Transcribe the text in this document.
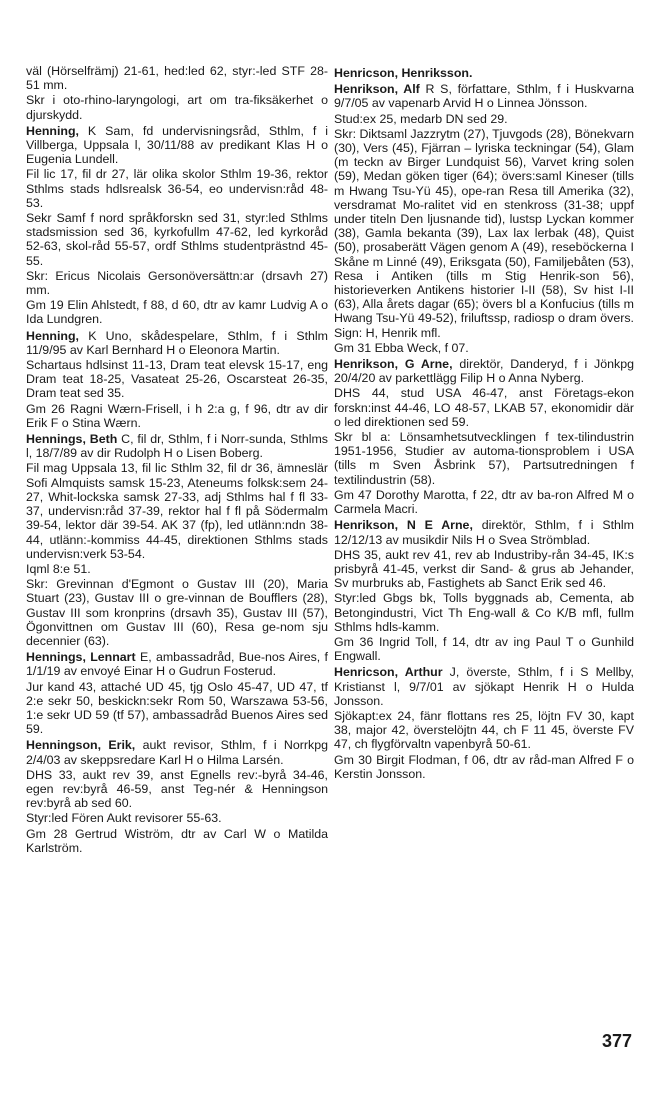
väl (Hörselfrämj) 21-61, hed:led 62, styr:-led STF 28-51 mm.

Skr i oto-rhino-laryngologi, art om tra-fiksäkerhet o djurskydd.

Henning, K Sam, fd undervisningsråd, Sthlm, f i Villberga, Uppsala l, 30/11/88 av predikant Klas H o Eugenia Lundell.

Fil lic 17, fil dr 27, lär olika skolor Sthlm 19-36, rektor Sthlms stads hdlsrealsk 36-54, eo undervisn:råd 48-53.

Sekr Samf f nord språkforskn sed 31, styr:led Sthlms stadsmission sed 36, kyrkofullm 47-62, led kyrkoråd 52-63, skol-råd 55-57, ordf Sthlms studentprästnd 45-55.

Skr: Ericus Nicolais Gersonöversättn:ar (drsavh 27) mm.

Gm 19 Elin Ahlstedt, f 88, d 60, dtr av kamr Ludvig A o Ida Lundgren.

Henning, K Uno, skådespelare, Sthlm, f i Sthlm 11/9/95 av Karl Bernhard H o Eleonora Martin.

Schartaus hdlsinst 11-13, Dram teat elevsk 15-17, eng Dram teat 18-25, Vasateat 25-26, Oscarsteat 26-35, Dram teat sed 35.

Gm 26 Ragni Wærn-Frisell, i h 2:a g, f 96, dtr av dir Erik F o Stina Wærn.

Hennings, Beth C, fil dr, Sthlm, f i Norr-sunda, Sthlms l, 18/7/89 av dir Rudolph H o Lisen Boberg.

Fil mag Uppsala 13, fil lic Sthlm 32, fil dr 36, ämneslär Sofi Almquists samsk 15-23, Ateneums folksk:sem 24-27, Whit-lockska samsk 27-33, adj Sthlms hal f fl 33-37, undervisn:råd 37-39, rektor hal f fl på Södermalm 39-54, lektor där 39-54. AK 37 (fp), led utlänn:ndn 38-44, utlänn:-kommiss 44-45, direktionen Sthlms stads undervisn:verk 53-54.

Iqml 8:e 51.

Skr: Grevinnan d'Egmont o Gustav III (20), Maria Stuart (23), Gustav III o gre-vinnan de Boufflers (28), Gustav III som kronprins (drsavh 35), Gustav III (57), Ögonvittnen om Gustav III (60), Resa ge-nom sju decennier (63).

Hennings, Lennart E, ambassadråd, Bue-nos Aires, f 1/1/19 av envoyé Einar H o Gudrun Fosterud.

Jur kand 43, attaché UD 45, tjg Oslo 45-47, UD 47, tf 2:e sekr 50, beskickn:sekr Rom 50, Warszawa 53-56, 1:e sekr UD 59 (tf 57), ambassadråd Buenos Aires sed 59.

Henningson, Erik, aukt revisor, Sthlm, f i Norrkpg 2/4/03 av skeppsredare Karl H o Hilma Larsén.

DHS 33, aukt rev 39, anst Egnells rev:-byrå 34-46, egen rev:byrå 46-59, anst Teg-nér & Henningson rev:byrå ab sed 60.

Styr:led Fören Aukt revisorer 55-63.

Gm 28 Gertrud Wiström, dtr av Carl W o Matilda Karlström.

Henricson, Henriksson.

Henrikson, Alf R S, författare, Sthlm, f i Huskvarna 9/7/05 av vapenarb Arvid H o Linnea Jönsson.

Stud:ex 25, medarb DN sed 29.

Skr: Diktsaml Jazzrytm (27), Tjuvgods (28), Bönekvarn (30), Vers (45), Fjärran – lyriska teckningar (54), Glam (m teckn av Birger Lundquist 56), Varvet kring solen (59), Medan göken tiger (64); övers:saml Kineser (tills m Hwang Tsu-Yü 45), ope-ran Resa till Amerika (32), versdramat Mo-ralitet vid en stenkross (31-38; uppf under titeln Den ljusnande tid), lustsp Lyckan kommer (38), Gamla bekanta (39), Lax lax lerbak (48), Quist (50), prosaberätt Vägen genom A (49), reseböckerna I Skåne m Linné (49), Eriksgata (50), Familjebåten (53), Resa i Antiken (tills m Stig Henrik-son 56), historieverken Antikens historier I-II (58), Sv hist I-II (63), Alla årets dagar (65); övers bl a Konfucius (tills m Hwang Tsu-Yü 49-52), friluftssp, radiosp o dram övers. Sign: H, Henrik mfl.

Gm 31 Ebba Weck, f 07.

Henrikson, G Arne, direktör, Danderyd, f i Jönkpg 20/4/20 av parkettlägg Filip H o Anna Nyberg.

DHS 44, stud USA 46-47, anst Företags-ekon forskn:inst 44-46, LO 48-57, LKAB 57, ekonomidir där o led direktionen sed 59.

Skr bl a: Lönsamhetsutvecklingen f tex-tilindustrin 1951-1956, Studier av automa-tionsproblem i USA (tills m Sven Åsbrink 57), Partsutredningen f textilindustrin (58).

Gm 47 Dorothy Marotta, f 22, dtr av ba-ron Alfred M o Carmela Macri.

Henrikson, N E Arne, direktör, Sthlm, f i Sthlm 12/12/13 av musikdir Nils H o Svea Strömblad.

DHS 35, aukt rev 41, rev ab Industriby-rån 34-45, IK:s prisbyrå 41-45, verkst dir Sand- & grus ab Jehander, Sv murbruks ab, Fastighets ab Sanct Erik sed 46.

Styr:led Gbgs bk, Tolls byggnads ab, Cementa, ab Betongindustri, Vict Th Eng-wall & Co K/B mfl, fullm Sthlms hdls-kamm.

Gm 36 Ingrid Toll, f 14, dtr av ing Paul T o Gunhild Engwall.

Henricson, Arthur J, överste, Sthlm, f i S Mellby, Kristianst l, 9/7/01 av sjökapt Henrik H o Hulda Jonsson.

Sjökapt:ex 24, fänr flottans res 25, löjtn FV 30, kapt 38, major 42, överstelöjtn 44, ch F 11 45, överste FV 47, ch flygförvaltn vapenbyrå 50-61.

Gm 30 Birgit Flodman, f 06, dtr av råd-man Alfred F o Kerstin Jonsson.

377
